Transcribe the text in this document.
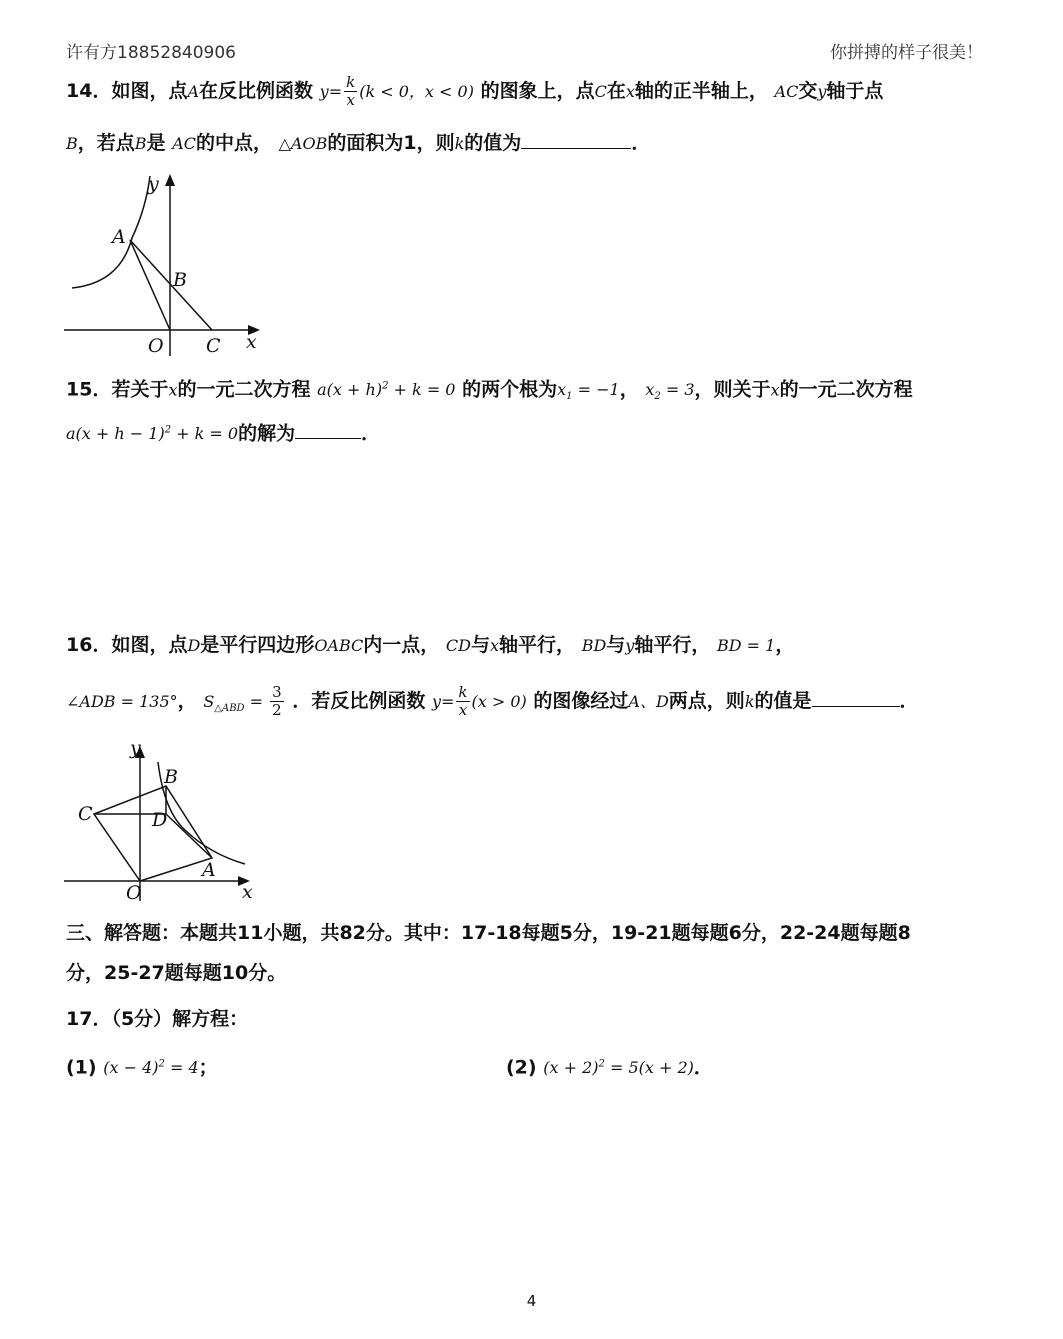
许有方18852840906	你拼搏的样子很美！
14．如图，点A在反比例函数 $y= \frac{k}{x} (k < 0$，x < 0) 的图象上，点C在x轴的正半轴上， AC交y轴于点
B，若点B是 AC的中点， △AOB的面积为1，则k的值为	．
y
A
B
O C x
15．若关于x的一元二次方程 $a(x + h)^2 + k = 0$ 的两个根为$x_1 = -1$， $x_2 = 3$，则关于x的一元二次方程
$a(x + h - 1)^2 + k = 0$的解为	．
16．如图，点D是平行四边形OABC内一点， CD与x轴平行， BD与y轴平行， BD = 1，
∠ADB = 135°， $S_{\triangle ABD} = \frac{3}{2}$ ．若反比例函数 $y= \frac{k}{x} (x > 0)$ 的图像经过A、D两点，则k的值是	．
y
B
C	D
A
O	x
三、解答题：本题共11小题，共82分。其中：17-18每题5分，19-21题每题6分，22-24题每题8
分，25-27题每题10分。
17．（5分）解方程：
(1) $(x - 4)^2 = 4$；	(2) $(x + 2)^2 = 5(x + 2)$．
4
